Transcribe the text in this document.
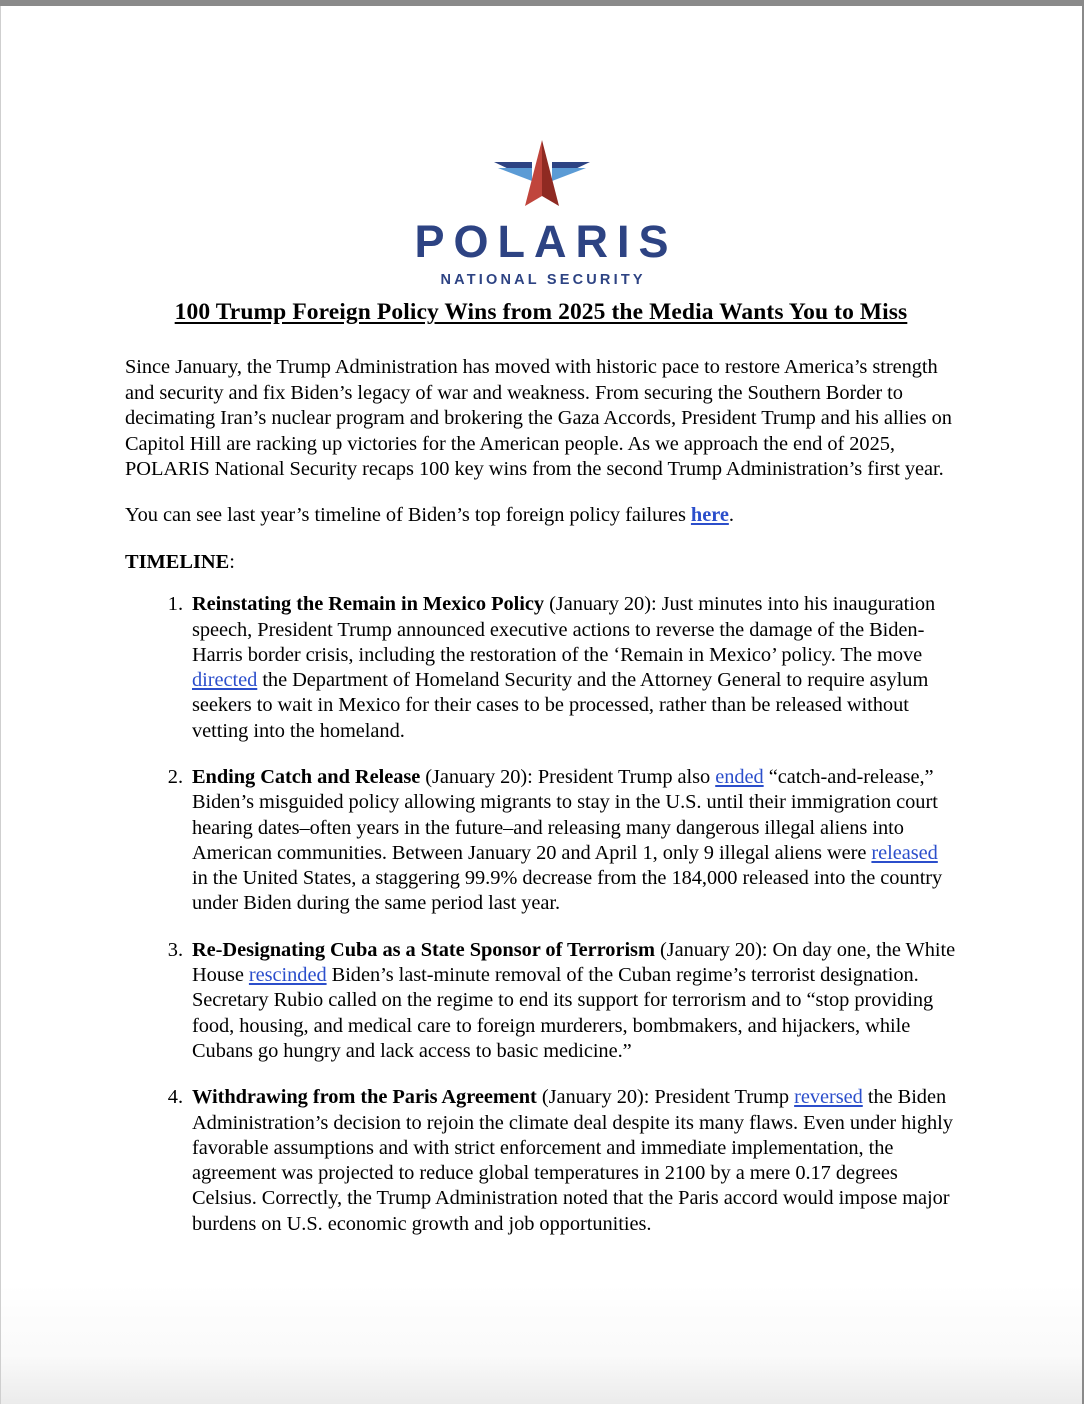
POLARIS
NATIONAL SECURITY
100 Trump Foreign Policy Wins from 2025 the Media Wants You to Miss

Since January, the Trump Administration has moved with historic pace to restore America’s strength and security and fix Biden’s legacy of war and weakness. From securing the Southern Border to decimating Iran’s nuclear program and brokering the Gaza Accords, President Trump and his allies on Capitol Hill are racking up victories for the American people. As we approach the end of 2025, POLARIS National Security recaps 100 key wins from the second Trump Administration’s first year.

You can see last year’s timeline of Biden’s top foreign policy failures here.

TIMELINE:

Reinstating the Remain in Mexico Policy (January 20): Just minutes into his inauguration speech, President Trump announced executive actions to reverse the damage of the Biden-Harris border crisis, including the restoration of the ‘Remain in Mexico’ policy. The move directed the Department of Homeland Security and the Attorney General to require asylum seekers to wait in Mexico for their cases to be processed, rather than be released without vetting into the homeland.
Ending Catch and Release (January 20): President Trump also ended “catch-and-release,” Biden’s misguided policy allowing migrants to stay in the U.S. until their immigration court hearing dates–often years in the future–and releasing many dangerous illegal aliens into American communities. Between January 20 and April 1, only 9 illegal aliens were released in the United States, a staggering 99.9% decrease from the 184,000 released into the country under Biden during the same period last year.
Re-Designating Cuba as a State Sponsor of Terrorism (January 20): On day one, the White House rescinded Biden’s last-minute removal of the Cuban regime’s terrorist designation. Secretary Rubio called on the regime to end its support for terrorism and to “stop providing food, housing, and medical care to foreign murderers, bombmakers, and hijackers, while Cubans go hungry and lack access to basic medicine.”
Withdrawing from the Paris Agreement (January 20): President Trump reversed the Biden Administration’s decision to rejoin the climate deal despite its many flaws. Even under highly favorable assumptions and with strict enforcement and immediate implementation, the agreement was projected to reduce global temperatures in 2100 by a mere 0.17 degrees Celsius. Correctly, the Trump Administration noted that the Paris accord would impose major burdens on U.S. economic growth and job opportunities.
